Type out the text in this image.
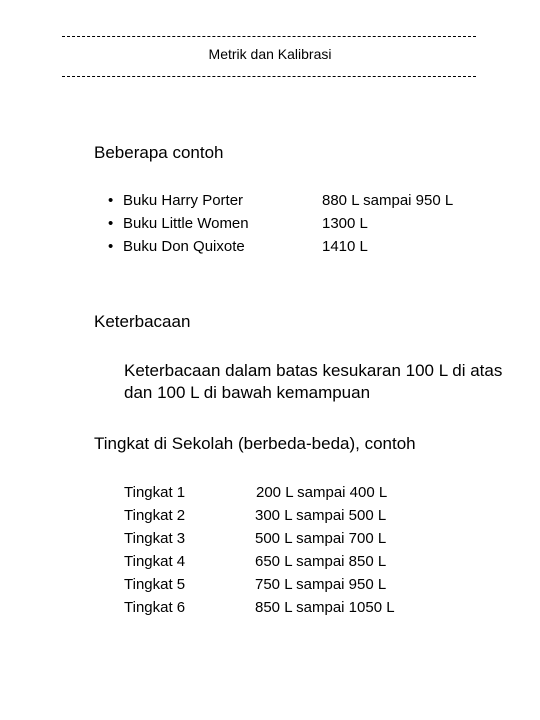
Metrik dan Kalibrasi
Beberapa contoh
• Buku Harry Porter	880 L sampai 950 L
• Buku Little Women	1300 L
• Buku Don Quixote	1410 L
Keterbacaan
Keterbacaan dalam batas kesukaran 100 L di atas dan 100 L di bawah kemampuan
Tingkat di Sekolah (berbeda-beda), contoh
Tingkat 1	200 L sampai 400 L
Tingkat 2	300 L sampai 500 L
Tingkat 3	500 L sampai 700 L
Tingkat 4	650 L sampai 850 L
Tingkat 5	750 L sampai 950 L
Tingkat 6	850 L sampai 1050 L
